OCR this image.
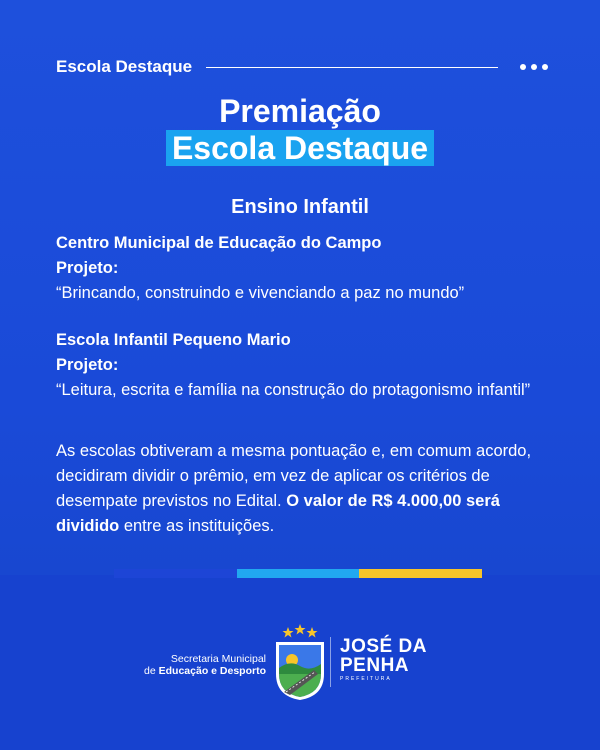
Escola Destaque
Premiação
Escola Destaque
Ensino Infantil
Centro Municipal de Educação do Campo
Projeto:
“Brincando, construindo e vivenciando a paz no mundo”
Escola Infantil Pequeno Mario
Projeto:
“Leitura, escrita e família na construção do protagonismo infantil”
As escolas obtiveram a mesma pontuação e, em comum acordo, decidiram dividir o prêmio, em vez de aplicar os critérios de desempate previstos no Edital. O valor de R$ 4.000,00 será dividido entre as instituições.
Secretaria Municipal
de Educação e Desporto
JOSÉ DA
PENHA
PREFEITURA
